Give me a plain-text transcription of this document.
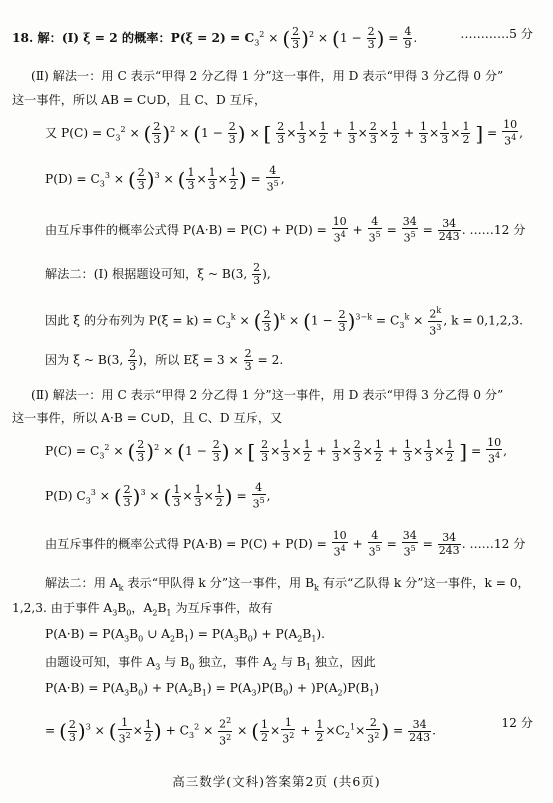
18. 解：(Ⅰ) ξ = 2 的概率：$P(\xi = 2) = C_3^2$ × ( $\frac{2}{3} )^2 \times (1 - \frac{2}{3}$ ) = $\frac{4}{9}$ .	…………5 分
(Ⅱ) 解法一：用 C 表示“甲得 2 分乙得 1 分”这一事件，用 D 表示“甲得 3 分乙得 0 分”
这一事件，所以 AB = C∪D，且 C、D 互斥，
又 $P(C) = C_3^2$ × ( $\frac{2}{3} )^2 \times (1 - \frac{2}{3}$ ) × [ $\frac{2}{3} \times \frac{1}{3} \times \frac{1}{2} + \frac{1}{3} \times \frac{2}{3} \times \frac{1}{2} + \frac{1}{3} \times \frac{1}{3} \times \frac{1}{2}$ ] = $\frac{10}{3^4}$ ,
$P(D) = C_3^3$ × ( $\frac{2}{3} )^3$ × ( $\frac{1}{3} \times \frac{1}{3} \times \frac{1}{2}$ ) = $\frac{4}{3^5}$ ,
由互斥事件的概率公式得 $P(A\cdot B) = P(C) + P(D) = \frac{10}{3^4} + \frac{4}{3^5} = \frac{34}{3^5} = \frac{34}{243}$ . ……12 分
解法二：(Ⅰ) 根据题设可知，ξ ~ B(3, $\frac{2}{3}$ ),
因此 ξ 的分布列为 $P(\xi = k) = C_3^k$ × ( $\frac{2}{3} )^k \times (1 - \frac{2}{3} )^{3-k} = C_3^k \times \frac{2^k}{3^3}$ , k = 0,1,2,3.
因为 ξ ~ B(3, $\frac{2}{3}$ )，所以 $E\xi = 3 \times \frac{2}{3} = 2$.
(Ⅱ) 解法一：用 C 表示“甲得 2 分乙得 1 分”这一事件，用 D 表示“甲得 3 分乙得 0 分”
这一事件，所以 A·B = C∪D，且 C、D 互斥，又
$P(C) = C_3^2$ × ( $\frac{2}{3} )^2 \times (1 - \frac{2}{3}$ ) × [ $\frac{2}{3} \times \frac{1}{3} \times \frac{1}{2} + \frac{1}{3} \times \frac{2}{3} \times \frac{1}{2} + \frac{1}{3} \times \frac{1}{3} \times \frac{1}{2}$ ] = $\frac{10}{3^4}$ ,
P(D) $C_3^3$ × ( $\frac{2}{3} )^3$ × ( $\frac{1}{3} \times \frac{1}{3} \times \frac{1}{2}$ ) = $\frac{4}{3^5}$ ,
由互斥事件的概率公式得 $P(A\cdot B) = P(C) + P(D) = \frac{10}{3^4} + \frac{4}{3^5} = \frac{34}{3^5} = \frac{34}{243}$ . ……12 分
解法二：用 $A_k$ 表示“甲队得 k 分”这一事件，用 $B_k$ 有示“乙队得 k 分”这一事件，k = 0，
1,2,3. 由于事件 $A_3B_0$，$A_2B_1$ 为互斥事件，故有
$P(A\cdot B) = P(A_3B_0$ ∪ $A_2B_1) = P(A_3B_0) + P(A_2B_1)$.
由题设可知，事件 $A_3$ 与 $B_0$ 独立，事件 $A_2$ 与 $B_1$ 独立，因此
$P(A\cdot B) = P(A_3B_0) + P(A_2B_1) = P(A_3)P(B_0) + )P(A_2)P(B_1)$
= ( $\frac{2}{3} )^3$ × ( $\frac{1}{3^2} \times \frac{1}{2}$ ) + $C_3^2 \times \frac{2^2}{3^2}$ × ( $\frac{1}{2} \times \frac{1}{3^2} + \frac{1}{2} \times C_2^1\times \frac{2}{3^2}$ ) = $\frac{34}{243}$ .
12 分
高三数学(文科)答案第2页 (共6页)
